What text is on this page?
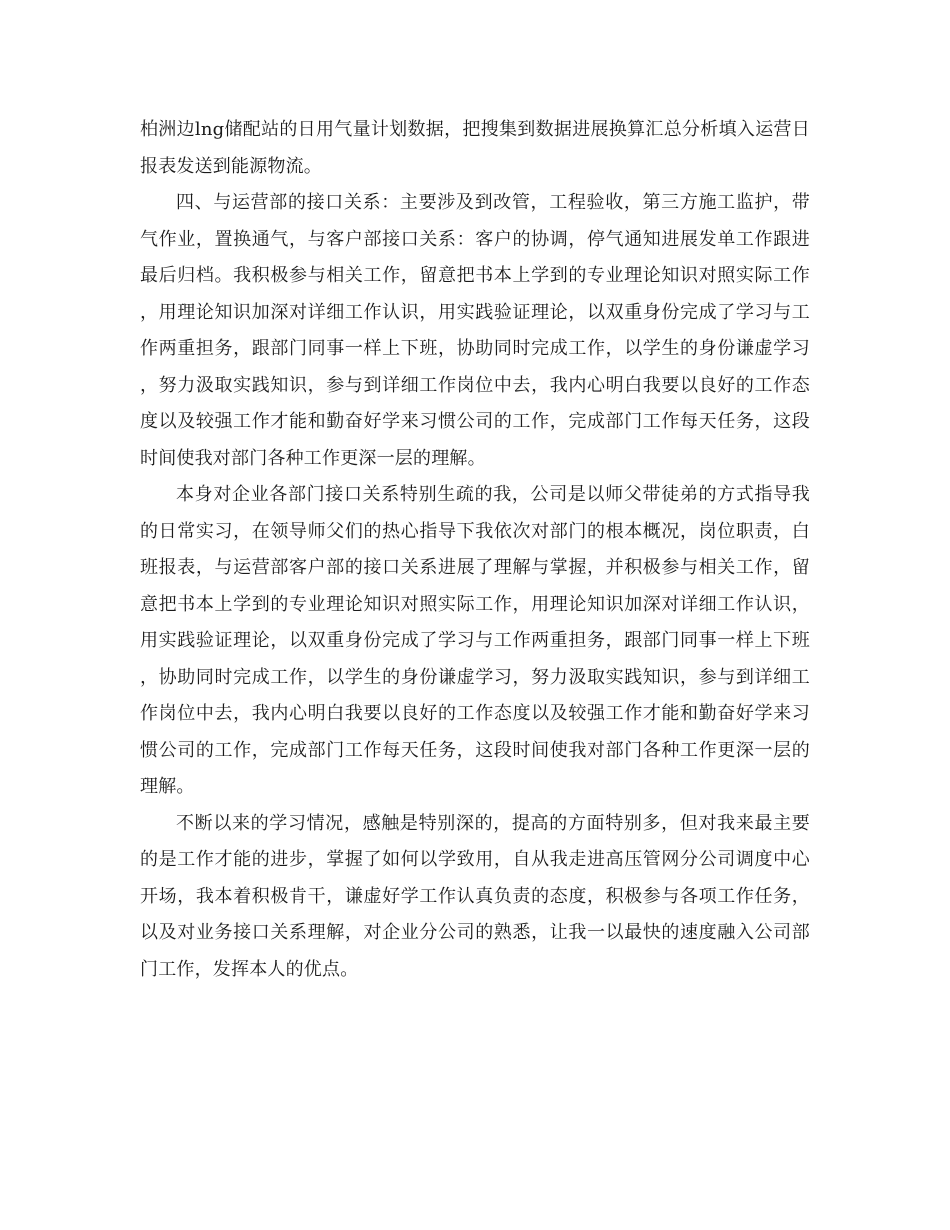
柏洲边lng储配站的日用气量计划数据，把搜集到数据进展换算汇总分析填入运营日报表发送到能源物流。

四、与运营部的接口关系：主要涉及到改管，工程验收，第三方施工监护，带气作业，置换通气，与客户部接口关系：客户的协调，停气通知进展发单工作跟进最后归档。我积极参与相关工作，留意把书本上学到的专业理论知识对照实际工作，用理论知识加深对详细工作认识，用实践验证理论，以双重身份完成了学习与工作两重担务，跟部门同事一样上下班，协助同时完成工作，以学生的身份谦虚学习，努力汲取实践知识，参与到详细工作岗位中去，我内心明白我要以良好的工作态度以及较强工作才能和勤奋好学来习惯公司的工作，完成部门工作每天任务，这段时间使我对部门各种工作更深一层的理解。

本身对企业各部门接口关系特别生疏的我，公司是以师父带徒弟的方式指导我的日常实习，在领导师父们的热心指导下我依次对部门的根本概况，岗位职责，白班报表，与运营部客户部的接口关系进展了理解与掌握，并积极参与相关工作，留意把书本上学到的专业理论知识对照实际工作，用理论知识加深对详细工作认识，用实践验证理论，以双重身份完成了学习与工作两重担务，跟部门同事一样上下班，协助同时完成工作，以学生的身份谦虚学习，努力汲取实践知识，参与到详细工作岗位中去，我内心明白我要以良好的工作态度以及较强工作才能和勤奋好学来习惯公司的工作，完成部门工作每天任务，这段时间使我对部门各种工作更深一层的理解。

不断以来的学习情况，感触是特别深的，提高的方面特别多，但对我来最主要的是工作才能的进步，掌握了如何以学致用，自从我走进高压管网分公司调度中心开场，我本着积极肯干，谦虚好学工作认真负责的态度，积极参与各项工作任务，以及对业务接口关系理解，对企业分公司的熟悉，让我一以最快的速度融入公司部门工作，发挥本人的优点。
